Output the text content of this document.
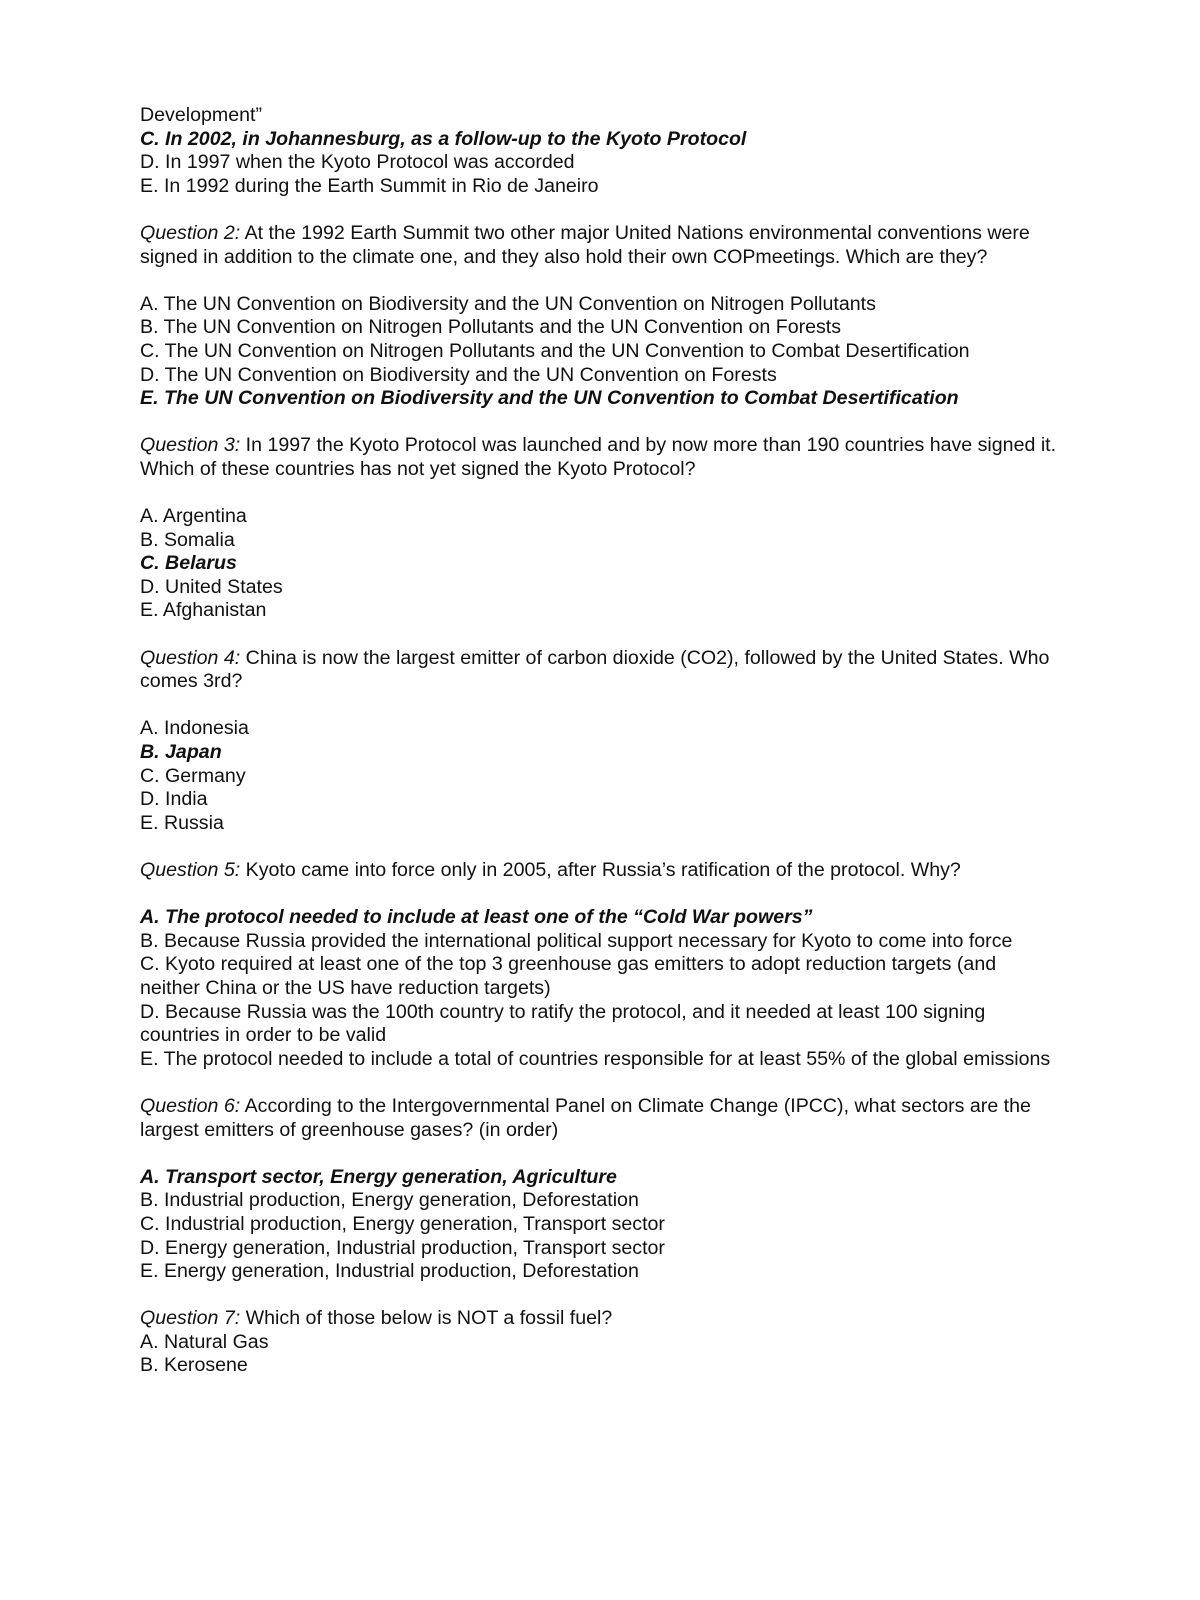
Development”
C. In 2002, in Johannesburg, as a follow-up to the Kyoto Protocol
D. In 1997 when the Kyoto Protocol was accorded
E. In 1992 during the Earth Summit in Rio de Janeiro
Question 2: At the 1992 Earth Summit two other major United Nations environmental conventions were signed in addition to the climate one, and they also hold their own COPmeetings. Which are they?
A. The UN Convention on Biodiversity and the UN Convention on Nitrogen Pollutants
B. The UN Convention on Nitrogen Pollutants and the UN Convention on Forests
C. The UN Convention on Nitrogen Pollutants and the UN Convention to Combat Desertification
D. The UN Convention on Biodiversity and the UN Convention on Forests
E. The UN Convention on Biodiversity and the UN Convention to Combat Desertification
Question 3: In 1997 the Kyoto Protocol was launched and by now more than 190 countries have signed it. Which of these countries has not yet signed the Kyoto Protocol?
A. Argentina
B. Somalia
C. Belarus
D. United States
E. Afghanistan
Question 4: China is now the largest emitter of carbon dioxide (CO2), followed by the United States. Who comes 3rd?
A. Indonesia
B. Japan
C. Germany
D. India
E. Russia
Question 5: Kyoto came into force only in 2005, after Russia’s ratification of the protocol. Why?
A. The protocol needed to include at least one of the “Cold War powers”
B. Because Russia provided the international political support necessary for Kyoto to come into force
C. Kyoto required at least one of the top 3 greenhouse gas emitters to adopt reduction targets (and neither China or the US have reduction targets)
D. Because Russia was the 100th country to ratify the protocol, and it needed at least 100 signing countries in order to be valid
E. The protocol needed to include a total of countries responsible for at least 55% of the global emissions
Question 6: According to the Intergovernmental Panel on Climate Change (IPCC), what sectors are the largest emitters of greenhouse gases? (in order)
A. Transport sector, Energy generation, Agriculture
B. Industrial production, Energy generation, Deforestation
C. Industrial production, Energy generation, Transport sector
D. Energy generation, Industrial production, Transport sector
E. Energy generation, Industrial production, Deforestation
Question 7: Which of those below is NOT a fossil fuel?
A. Natural Gas
B. Kerosene
